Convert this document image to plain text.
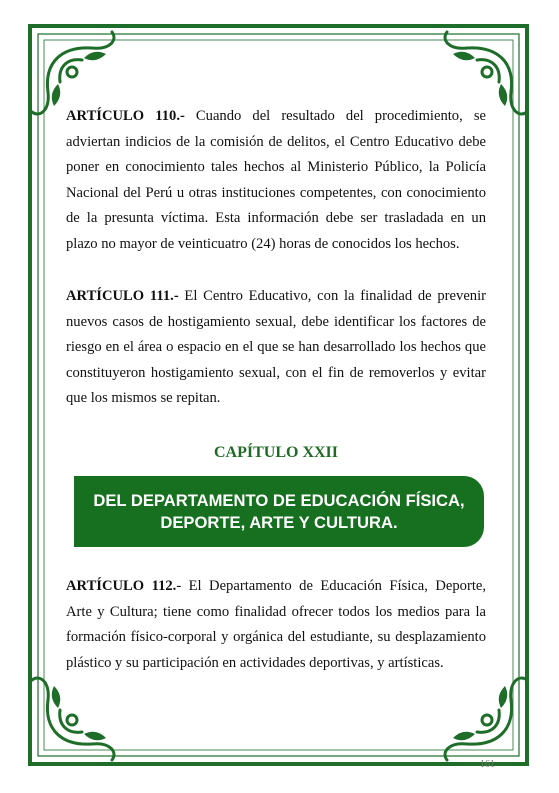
ARTÍCULO 110.- Cuando del resultado del procedimiento, se adviertan indicios de la comisión de delitos, el Centro Educativo debe poner en conocimiento tales hechos al Ministerio Público, la Policía Nacional del Perú u otras instituciones competentes, con conocimiento de la presunta víctima. Esta información debe ser trasladada en un plazo no mayor de veinticuatro (24) horas de conocidos los hechos.

ARTÍCULO 111.- El Centro Educativo, con la finalidad de prevenir nuevos casos de hostigamiento sexual, debe identificar los factores de riesgo en el área o espacio en el que se han desarrollado los hechos que constituyeron hostigamiento sexual, con el fin de removerlos y evitar que los mismos se repitan.

CAPÍTULO XXII

ARTÍCULO 112.- El Departamento de Educación Física, Deporte, Arte y Cultura; tiene como finalidad ofrecer todos los medios para la formación físico-corporal y orgánica del estudiante, su desplazamiento plástico y su participación en actividades deportivas, y artísticas.

DEL DEPARTAMENTO DE EDUCACIÓN FÍSICA,
DEPORTE, ARTE Y CULTURA.
161
